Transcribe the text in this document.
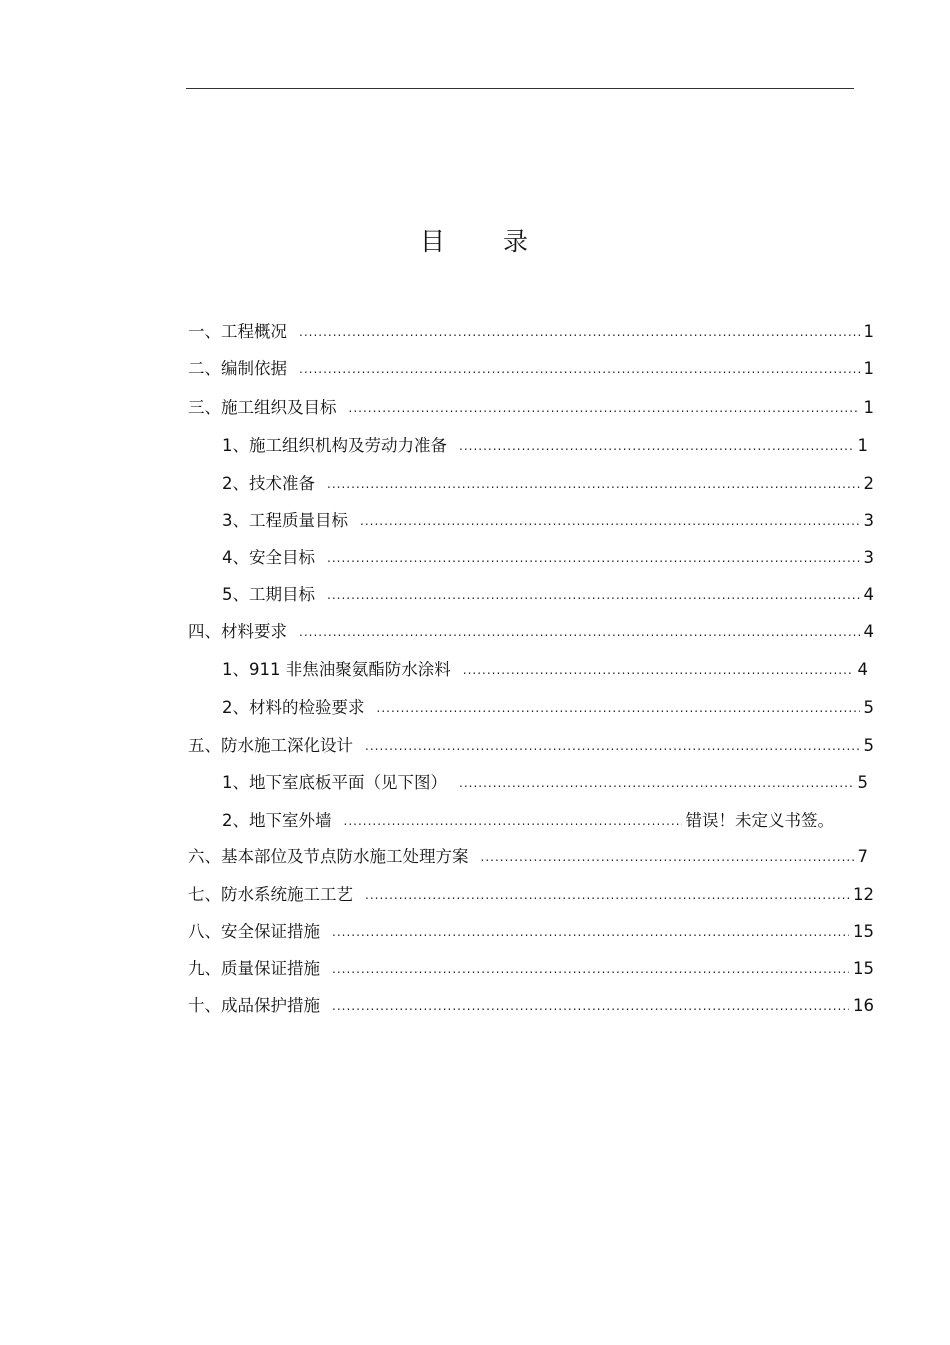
目 录
一、工程概况 .....	1
二、编制依据 .....	1
三、施工组织及目标 .....	1
1、施工组织机构及劳动力准备 .....	1
2、技术准备 .....	2
3、工程质量目标 .....	3
4、安全目标 .....	3
5、工期目标 .....	4
四、材料要求 .....	4
1、911 非焦油聚氨酯防水涂料 .....	4
2、材料的检验要求 .....	5
五、防水施工深化设计 .....	5
1、地下室底板平面（见下图） .....	5
2、地下室外墙 .....	错误！未定义书签。
六、基本部位及节点防水施工处理方案 .....	7
七、防水系统施工工艺 .....	12
八、安全保证措施 .....	15
九、质量保证措施 .....	15
十、成品保护措施 .....	16
